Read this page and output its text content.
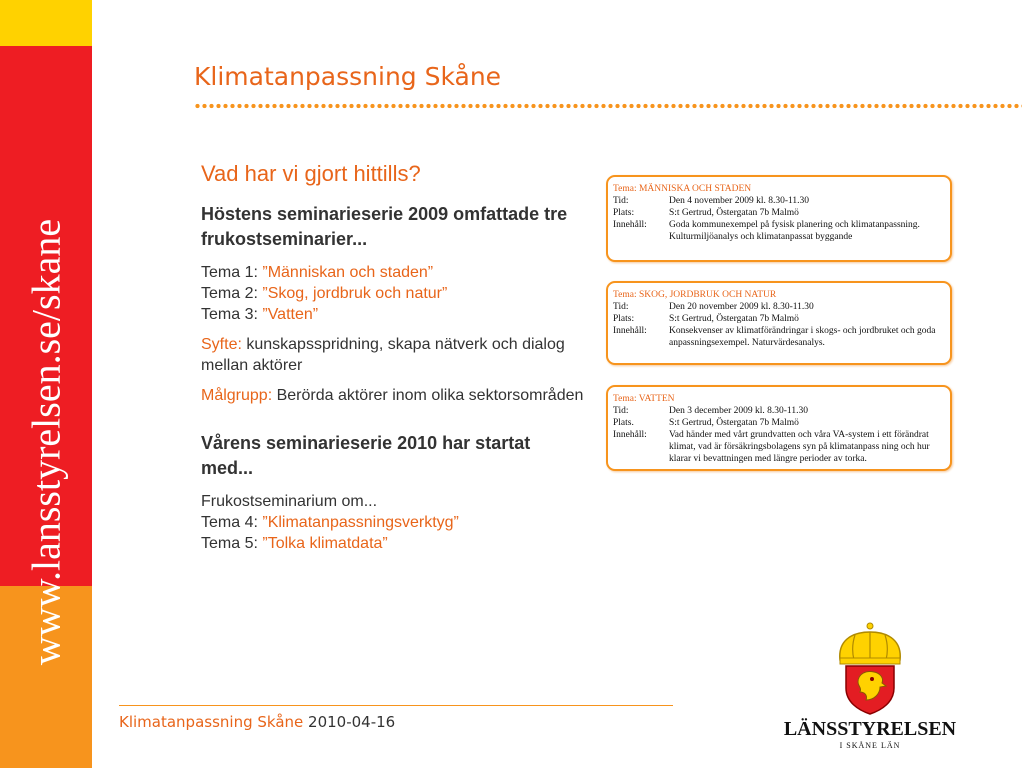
www.lansstyrelsen.se/skane
Klimatanpassning Skåne
Vad har vi gjort hittills?
Höstens seminarieserie 2009 omfattade tre frukostseminarier...
Tema 1: ”Människan och staden”
Tema 2: ”Skog, jordbruk och natur”
Tema 3: ”Vatten”
Syfte: kunskapsspridning, skapa nätverk och dialog mellan aktörer
Målgrupp: Berörda aktörer inom olika sektorsområden
Vårens seminarieserie 2010 har startat med...
Frukostseminarium om...
Tema 4: ”Klimatanpassningsverktyg”
Tema 5: ”Tolka klimatdata”
Tema: MÄNNISKA OCH STADEN
Tid:	Den 4 november 2009 kl. 8.30-11.30
Plats:	S:t Gertrud, Östergatan 7b Malmö
Innehåll:	Goda kommunexempel på fysisk planering och klimatanpassning. Kulturmiljöanalys och klimatanpassat byggande
Tema: SKOG, JORDBRUK OCH NATUR
Tid:	Den 20 november 2009 kl. 8.30-11.30
Plats:	S:t Gertrud, Östergatan 7b Malmö
Innehåll:	Konsekvenser av klimatförändringar i skogs- och jordbruket och goda anpassningsexempel. Naturvärdesanalys.
Tema: VATTEN
Tid:	Den 3 december 2009 kl. 8.30-11.30
Plats.	S:t Gertrud, Östergatan 7b Malmö
Innehåll:	Vad händer med vårt grundvatten och våra VA-system i ett förändrat klimat, vad är försäkringsbolagens syn på klimatanpass ning och hur klarar vi bevattningen med längre perioder av torka.
Klimatanpassning Skåne 2010-04-16	LÄNSSTYRELSEN
I SKÅNE LÄN
